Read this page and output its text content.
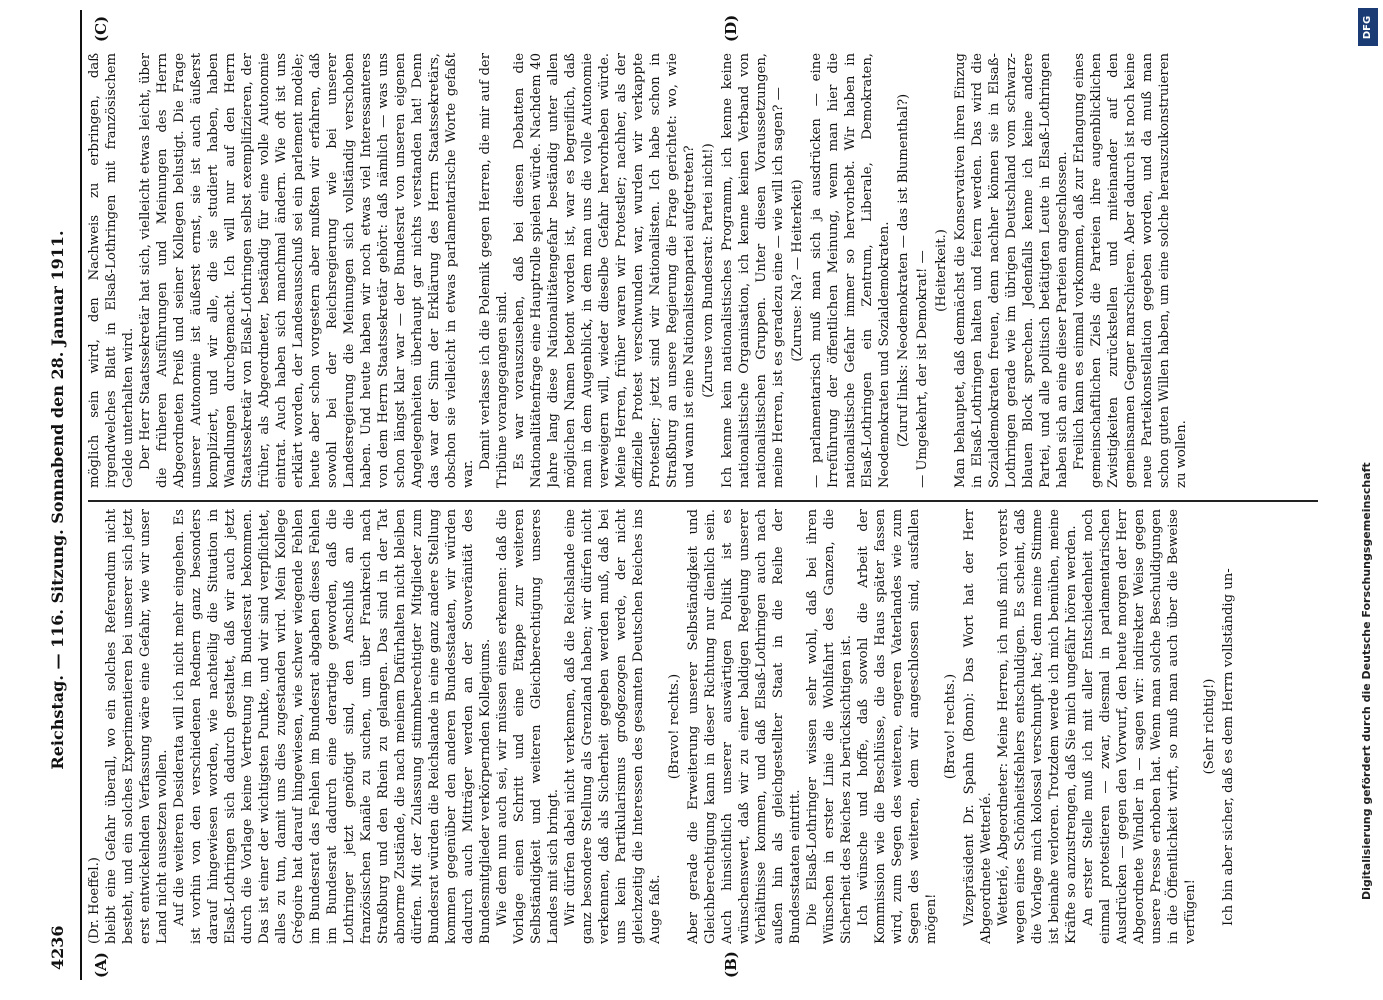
4236
Reichstag. — 116. Sitzung. Sonnabend den 28. Januar 1911.
(A)	(B)
(C)	(D)

(Dr. Hoeffel.) bleibt eine Gefahr überall, wo ein solches Referendum nicht besteht, und ein solches Experimentieren bei unserer sich jetzt erst entwickelnden Verfassung wäre eine Gefahr, wie wir unser Land nicht aussetzen wollen. Auf die weiteren Desiderata will ich nicht mehr eingehen. Es ist vorhin von den verschiedenen Rednern ganz besonders darauf hingewiesen worden, wie nachteilig die Situation in Elsaß-Lothringen sich dadurch gestaltet, daß wir auch jetzt durch die Vorlage keine Vertretung im Bundesrat bekommen. Das ist einer der wichtigsten Punkte, und wir sind verpflichtet, alles zu tun, damit uns dies zugestanden wird. Mein Kollege Grégoire hat darauf hingewiesen, wie schwer wiegende Fehlen im Bundesrat das Fehlen im Bundesrat abgaben dieses Fehlen im Bundesrat dadurch eine derartige geworden, daß die Lothringer jetzt genötigt sind, den Anschluß an die französischen Kanäle zu suchen, um über Frankreich nach Straßburg und den Rhein zu gelangen. Das sind in der Tat abnorme Zustände, die nach meinem Dafürhalten nicht bleiben dürfen. Mit der Zulassung stimmberechtigter Mitglieder zum Bundesrat würden die Reichslande in eine ganz andere Stellung kommen gegenüber den anderen Bundesstaaten, wir würden dadurch auch Mitträger werden an der Souveränität des Bundesmitglieder verkörpernden Kollegiums. Wie dem nun auch sei, wir müssen eines erkennen: daß die Vorlage einen Schritt und eine Etappe zur weiteren Selbständigkeit und weiteren Gleichberechtigung unseres Landes mit sich bringt. Wir dürfen dabei nicht verkennen, daß die Reichslande eine ganz besondere Stellung als Grenzland haben; wir dürfen nicht verkennen, daß als Sicherheit gegeben werden muß, daß bei uns kein Partikularismus großgezogen werde, der nicht gleichzeitig die Interessen des gesamten Deutschen Reiches ins Auge faßt.

(Bravo! rechts.) Aber gerade die Erweiterung unserer Selbständigkeit und Gleichberechtigung kann in dieser Richtung nur dienlich sein. Auch hinsichtlich unserer auswärtigen Politik ist es wünschenswert, daß wir zu einer baldigen Regelung unserer Verhältnisse kommen, und daß Elsaß-Lothringen auch nach außen hin als gleichgestellter Staat in die Reihe der Bundesstaaten eintritt. Die Elsaß-Lothringer wissen sehr wohl, daß bei ihren Wünschen in erster Linie die Wohlfahrt des Ganzen, die Sicherheit des Reiches zu berücksichtigen ist. Ich wünsche und hoffe, daß sowohl die Arbeit der Kommission wie die Beschlüsse, die das Haus später fassen wird, zum Segen des weiteren, engeren Vaterlandes wie zum Segen des weiteren, dem wir angeschlossen sind, ausfallen mögen!

(Bravo! rechts.) Vizepräsident Dr. Spahn (Bonn): Das Wort hat der Herr Abgeordnete Wetterlé. Wetterlé, Abgeordneter: Meine Herren, ich muß mich vorerst wegen eines Schönheitsfehlers entschuldigen. Es scheint, daß die Vorlage mich kolossal verschnupft hat; denn meine Stimme ist beinahe verloren. Trotzdem werde ich mich bemühen, meine Kräfte so anzustrengen, daß Sie mich ungefähr hören werden. An erster Stelle muß ich mit aller Entschiedenheit noch einmal protestieren — zwar, diesmal in parlamentarischen Ausdrücken — gegen den Vorwurf, den heute morgen der Herr Abgeordnete Windler in — sagen wir: indirekter Weise gegen unsere Presse erhoben hat. Wenn man solche Beschuldigungen in die Öffentlichkeit wirft, so muß man auch über die Beweise verfügen!

(Sehr richtig!) Ich bin aber sicher, daß es dem Herrn vollständig un-

möglich sein wird, den Nachweis zu erbringen, daß irgendwelches Blatt in Elsaß-Lothringen mit französischem Gelde unterhalten wird. Der Herr Staatssekretär hat sich, vielleicht etwas leicht, über die früheren Ausführungen und Meinungen des Herrn Abgeordneten Preiß und seiner Kollegen belustigt. Die Frage unserer Autonomie ist äußerst ernst, sie ist auch äußerst kompliziert, und wir alle, die sie studiert haben, haben Wandlungen durchgemacht. Ich will nur auf den Herrn Staatssekretär von Elsaß-Lothringen selbst exemplifizieren, der früher, als Abgeordneter, beständig für eine volle Autonomie eintrat. Auch haben sich manchmal ändern. Wie oft ist uns erklärt worden, der Landesausschuß sei ein parlement modèle; heute aber schon vorgestern aber mußten wir erfahren, daß sowohl bei der Reichsregierung wie bei unserer Landesregierung die Meinungen sich vollständig verschoben haben. Und heute haben wir noch etwas viel Interessanteres von dem Herrn Staatssekretär gehört: daß nämlich — was uns schon längst klar war — der Bundesrat von unseren eigenen Angelegenheiten überhaupt gar nichts verstanden hat! Denn das war der Sinn der Erklärung des Herrn Staatssekretärs, obschon sie vielleicht in etwas parlamentarische Worte gefaßt war.

Damit verlasse ich die Polemik gegen Herren, die mir auf der Tribüne vorangegangen sind. Es war vorauszusehen, daß bei diesen Debatten die Nationalitätenfrage eine Hauptrolle spielen würde. Nachdem 40 Jahre lang diese Nationalitätengefahr beständig unter allen möglichen Namen betont worden ist, war es begreiflich, daß man in dem Augenblick, in dem man uns die volle Autonomie verweigern will, wieder dieselbe Gefahr hervorheben würde. Meine Herren, früher waren wir Protestler; nachher, als der offizielle Protest verschwunden war, wurden wir verkappte Protestler; jetzt sind wir Nationalisten. Ich habe schon in Straßburg an unsere Regierung die Frage gerichtet: wo, wie und wann ist eine Nationalistenpartei aufgetreten? (Zuruse vom Bundesrat: Partei nicht!) Ich kenne kein nationalistisches Programm, ich kenne keine nationalistische Organisation, ich kenne keinen Verband von nationalistischen Gruppen. Unter diesen Voraussetzungen, meine Herren, ist es geradezu eine — wie will ich sagen? — (Zuruse: Na? — Heiterkeit) — parlamentarisch muß man sich ja ausdrücken — eine Irreführung der öffentlichen Meinung, wenn man hier die nationalistische Gefahr immer so hervorhebt. Wir haben in Elsaß-Lothringen ein Zentrum, Liberale, Demokraten, Neodemokraten und Sozialdemokraten. (Zuruf links: Neodemokraten — das ist Blumenthal?) — Umgekehrt, der ist Demokrat! — (Heiterkeit.) Man behauptet, daß demnächst die Konservativen ihren Einzug in Elsaß-Lothringen halten und feiern werden. Das wird die Sozialdemokraten freuen, denn nachher können sie in Elsaß-Lothringen gerade wie im übrigen Deutschland vom schwarz-blauen Block sprechen. Jedenfalls kenne ich keine andere Partei, und alle politisch betätigten Leute in Elsaß-Lothringen haben sich an eine dieser Parteien angeschlossen. Freilich kann es einmal vorkommen, daß zur Erlangung eines gemeinschaftlichen Ziels die Parteien ihre augenblicklichen Zwistigkeiten zurückstellen und miteinander auf den gemeinsamen Gegner marschieren. Aber dadurch ist noch keine neue Parteikonstellation gegeben worden, und da muß man schon guten Willen haben, um eine solche herauszukonstruieren zu wollen.

DFG
Digitalisierung gefördert durch die Deutsche Forschungsgemeinschaft
